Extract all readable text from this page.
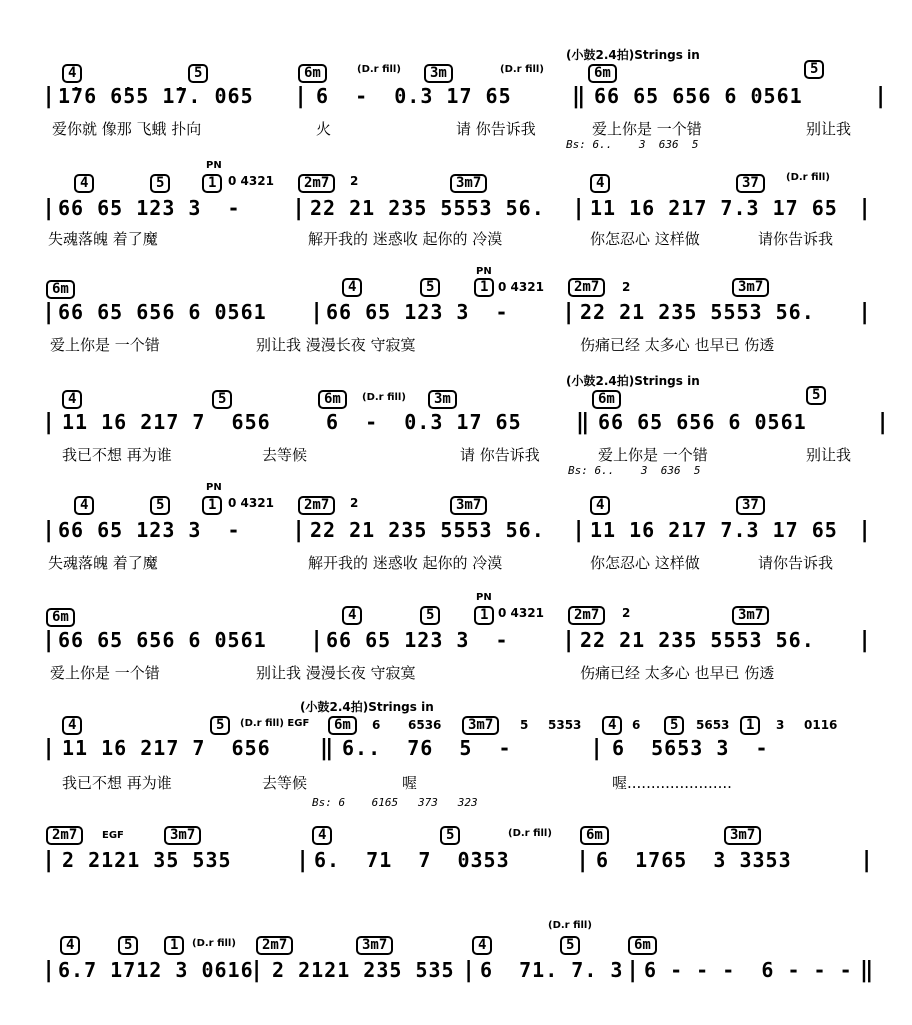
(D.r fill)	(D.r fill)
(小鼓2.4拍)Strings in
4	5	6m	3m	6m	5
| 1̇76 6̇55 1̇7. 065 | 6  -  0.3 17 65	‖ 66 65 656 6 0561	|
爱你就 像那 飞蛾 扑向	火	请 你告诉我	爱上你是 一个错	别让我
Bs: 6..    3  636  5
PN
0 4321	2	(D.r fill)
4	5	1	2m7	3m7	4	37
| 66 65 123 3  - | 22 21 235 5553 56. | 11 16 217 7.3 17 65 |
失魂落魄 着了魔	解开我的 迷惑收 起你的 冷漠	你怎忍心 这样做	请你告诉我
PN
0 4321	2
6m	4	5	1	2m7	3m7
| 66 65 656 6 0561 | 66 65 123 3  - | 22 21 235 5553 56. |
爱上你是 一个错	别让我 漫漫长夜 守寂寞	伤痛已经 太多心 也早已 伤透
(D.r fill)
(小鼓2.4拍)Strings in
4	5	6m	3m	6m	5
| 11 16 217 7  656	6  -  0.3 17 65 ‖ 66 65 656 6 0561	|
我已不想 再为谁	去等候	请 你告诉我	爱上你是 一个错	别让我
Bs: 6..    3  636  5
PN
0 4321	2
4	5	1	2m7	3m7	4	37
| 66 65 123 3  - | 22 21 235 5553 56. | 11 16 217 7.3 17 65 |
失魂落魄 着了魔	解开我的 迷惑收 起你的 冷漠	你怎忍心 这样做	请你告诉我
PN
0 4321	2
6m	4	5	1	2m7	3m7
| 66 65 656 6 0561 | 66 65 123 3  - | 22 21 235 5553 56. |
爱上你是 一个错	别让我 漫漫长夜 守寂寞	伤痛已经 太多心 也早已 伤透
(小鼓2.4拍)Strings in
(D.r fill) EGF	6 6536	5 5353	6	5653	3 0116
4	5	6m	3m7	4	5	1
| 11 16 217 7  656 ‖ 6..  76  5  -	| 6  5653 3  -
我已不想 再为谁	去等候	喔	喔......................
Bs: 6    6165   373   323
EGF	(D.r fill)
2m7	3m7	4	5	6m	3m7
| 2 2121 35 535	| 6.  71  7  0353	| 6  1765  3 3353	|
(D.r fill)
(D.r fill)
4	5	1	2m7	3m7	4	5	6m
| 6.7 1712 3 0616
| 2 2121 235 535 | 6  71. 7. 3 | 6 - - -  6 - - - ‖
